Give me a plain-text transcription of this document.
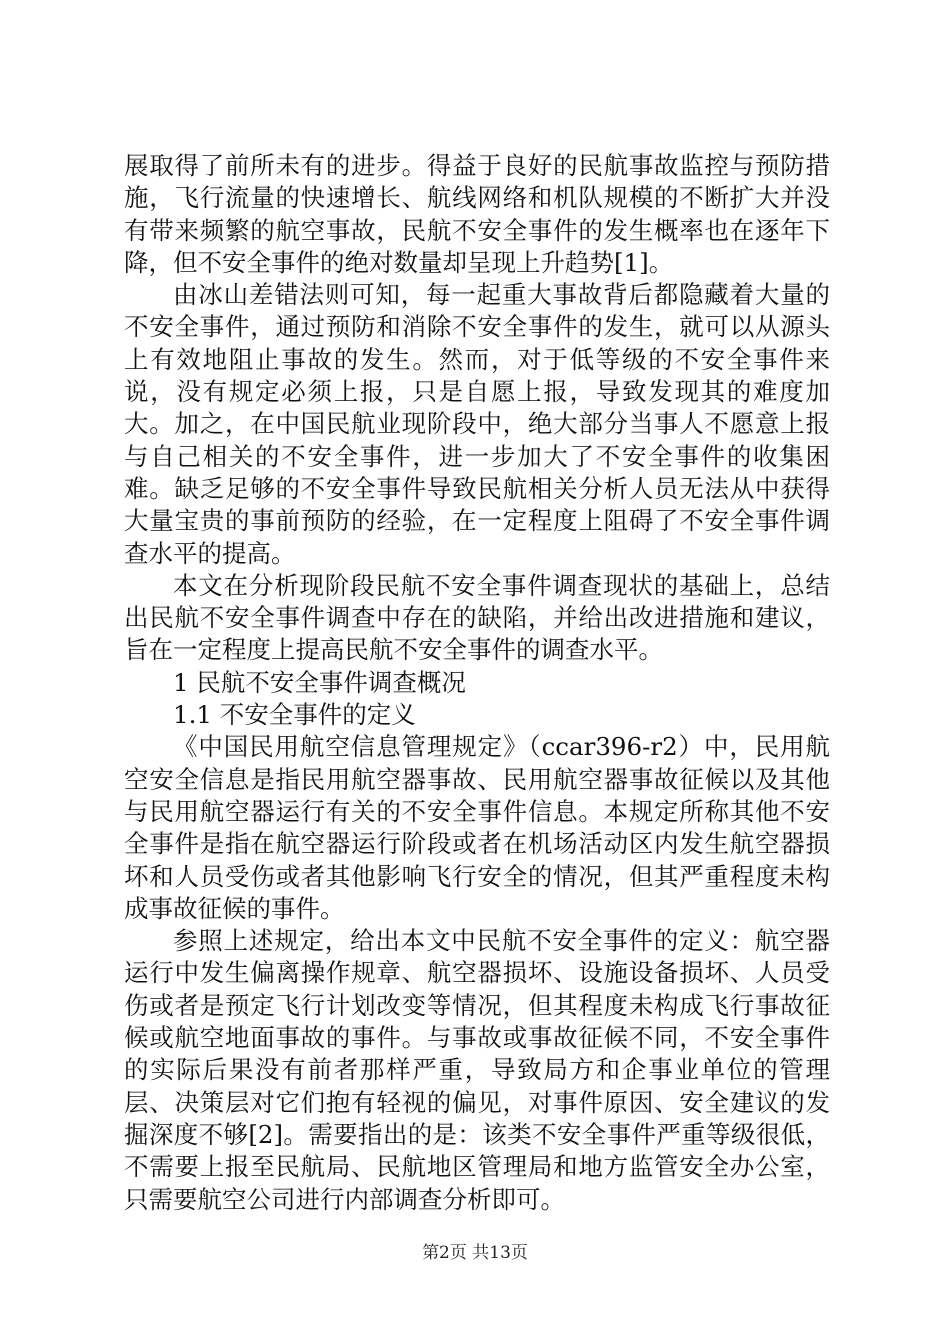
展取得了前所未有的进步。得益于良好的民航事故监控与预防措施，飞行流量的快速增长、航线网络和机队规模的不断扩大并没有带来频繁的航空事故，民航不安全事件的发生概率也在逐年下降，但不安全事件的绝对数量却呈现上升趋势[1]。

由冰山差错法则可知，每一起重大事故背后都隐藏着大量的不安全事件，通过预防和消除不安全事件的发生，就可以从源头上有效地阻止事故的发生。然而，对于低等级的不安全事件来说，没有规定必须上报，只是自愿上报，导致发现其的难度加大。加之，在中国民航业现阶段中，绝大部分当事人不愿意上报与自己相关的不安全事件，进一步加大了不安全事件的收集困难。缺乏足够的不安全事件导致民航相关分析人员无法从中获得大量宝贵的事前预防的经验，在一定程度上阻碍了不安全事件调查水平的提高。

本文在分析现阶段民航不安全事件调查现状的基础上，总结出民航不安全事件调查中存在的缺陷，并给出改进措施和建议，旨在一定程度上提高民航不安全事件的调查水平。

1 民航不安全事件调查概况

1.1 不安全事件的定义

《中国民用航空信息管理规定》（ccar396-r2）中，民用航空安全信息是指民用航空器事故、民用航空器事故征候以及其他与民用航空器运行有关的不安全事件信息。本规定所称其他不安全事件是指在航空器运行阶段或者在机场活动区内发生航空器损坏和人员受伤或者其他影响飞行安全的情况，但其严重程度未构成事故征候的事件。

参照上述规定，给出本文中民航不安全事件的定义：航空器运行中发生偏离操作规章、航空器损坏、设施设备损坏、人员受伤或者是预定飞行计划改变等情况，但其程度未构成飞行事故征候或航空地面事故的事件。与事故或事故征候不同，不安全事件的实际后果没有前者那样严重，导致局方和企事业单位的管理层、决策层对它们抱有轻视的偏见，对事件原因、安全建议的发掘深度不够[2]。需要指出的是：该类不安全事件严重等级很低，不需要上报至民航局、民航地区管理局和地方监管安全办公室，只需要航空公司进行内部调查分析即可。

第2页 共13页
